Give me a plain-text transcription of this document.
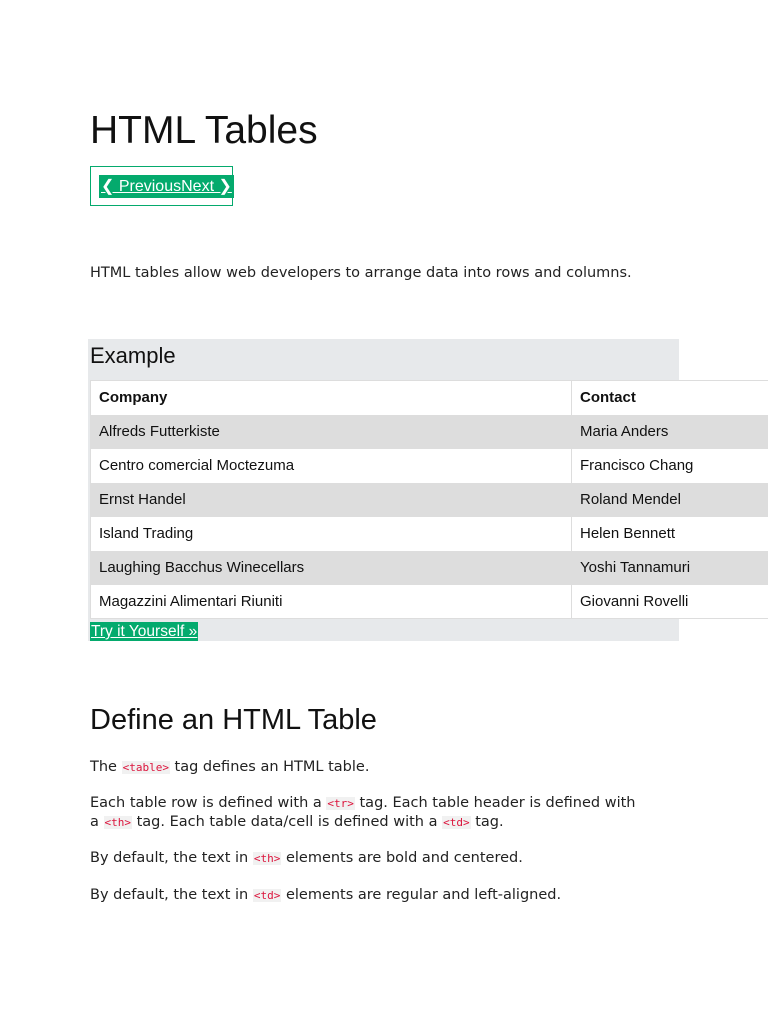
HTML Tables
❮ Previous Next ❯

HTML tables allow web developers to arrange data into rows and columns.

Example
Company	Contact
Alfreds Futterkiste	Maria Anders
Centro comercial Moctezuma	Francisco Chang
Ernst Handel	Roland Mendel
Island Trading	Helen Bennett
Laughing Bacchus Winecellars	Yoshi Tannamuri
Magazzini Alimentari Riuniti	Giovanni Rovelli
Try it Yourself »
Define an HTML Table

The <table> tag defines an HTML table.

Each table row is defined with a <tr> tag. Each table header is defined with

a <th> tag. Each table data/cell is defined with a <td> tag.

By default, the text in <th> elements are bold and centered.

By default, the text in <td> elements are regular and left-aligned.
